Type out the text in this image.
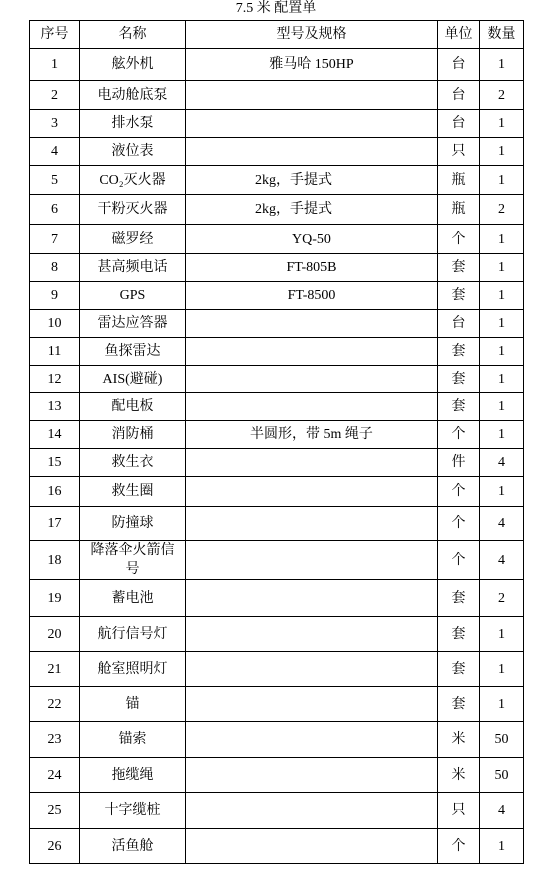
7.5 米 配置单
序号	名称	型号及规格	单位	数量
1	舷外机	雅马哈 150HP	台	1
2	电动舱底泵		台	2
3	排水泵		台	1
4	液位表		只	1
5	CO₂灭火器	2kg，手提式	瓶	1
6	干粉灭火器	2kg，手提式	瓶	2
7	磁罗经	YQ-50	个	1
8	甚高频电话	FT-805B	套	1
9	GPS	FT-8500	套	1
10	雷达应答器		台	1
11	鱼探雷达		套	1
12	AIS(避碰)		套	1
13	配电板		套	1
14	消防桶	半圆形，带 5m 绳子	个	1
15	救生衣		件	4
16	救生圈		个	1
17	防撞球		个	4
18	降落伞火箭信号		个	4
19	蓄电池		套	2
20	航行信号灯		套	1
21	舱室照明灯		套	1
22	锚		套	1
23	锚索		米	50
24	拖缆绳		米	50
25	十字缆桩		只	4
26	活鱼舱		个	1
